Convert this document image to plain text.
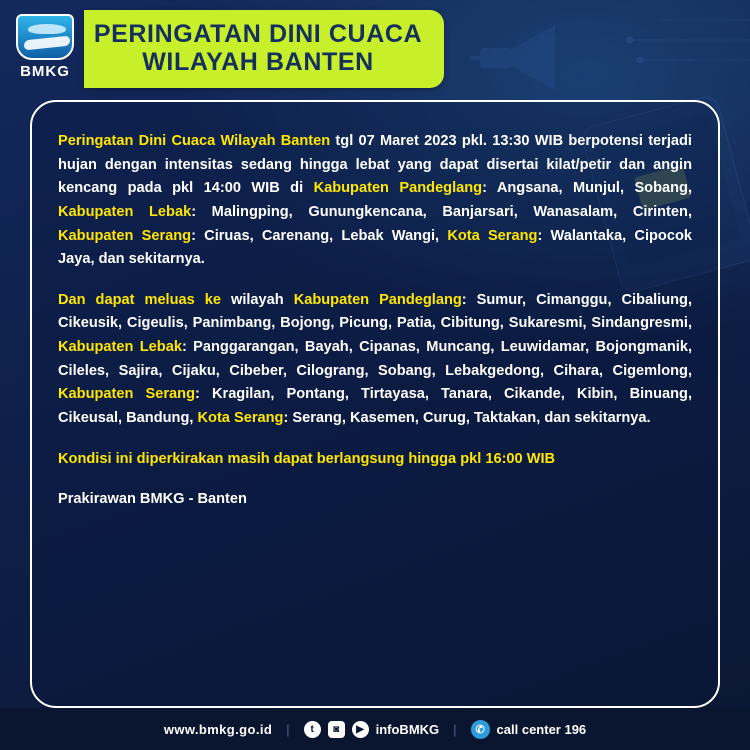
BMKG
PERINGATAN DINI CUACA
WILAYAH BANTEN
Peringatan Dini Cuaca Wilayah Banten tgl 07 Maret 2023 pkl. 13:30 WIB berpotensi terjadi hujan dengan intensitas sedang hingga lebat yang dapat disertai kilat/petir dan angin kencang pada pkl 14:00 WIB di Kabupaten Pandeglang: Angsana, Munjul, Sobang, Kabupaten Lebak: Malingping, Gunungkencana, Banjarsari, Wanasalam, Cirinten, Kabupaten Serang: Ciruas, Carenang, Lebak Wangi, Kota Serang: Walantaka, Cipocok Jaya, dan sekitarnya.
Dan dapat meluas ke wilayah Kabupaten Pandeglang: Sumur, Cimanggu, Cibaliung, Cikeusik, Cigeulis, Panimbang, Bojong, Picung, Patia, Cibitung, Sukaresmi, Sindangresmi, Kabupaten Lebak: Panggarangan, Bayah, Cipanas, Muncang, Leuwidamar, Bojongmanik, Cileles, Sajira, Cijaku, Cibeber, Cilograng, Sobang, Lebakgedong, Cihara, Cigemlong, Kabupaten Serang: Kragilan, Pontang, Tirtayasa, Tanara, Cikande, Kibin, Binuang, Cikeusal, Bandung, Kota Serang: Serang, Kasemen, Curug, Taktakan, dan sekitarnya.
Kondisi ini diperkirakan masih dapat berlangsung hingga pkl 16:00 WIB
Prakirawan BMKG - Banten
www.bmkg.go.id |	t	◙	▶ infoBMKG |	✆ call center 196
